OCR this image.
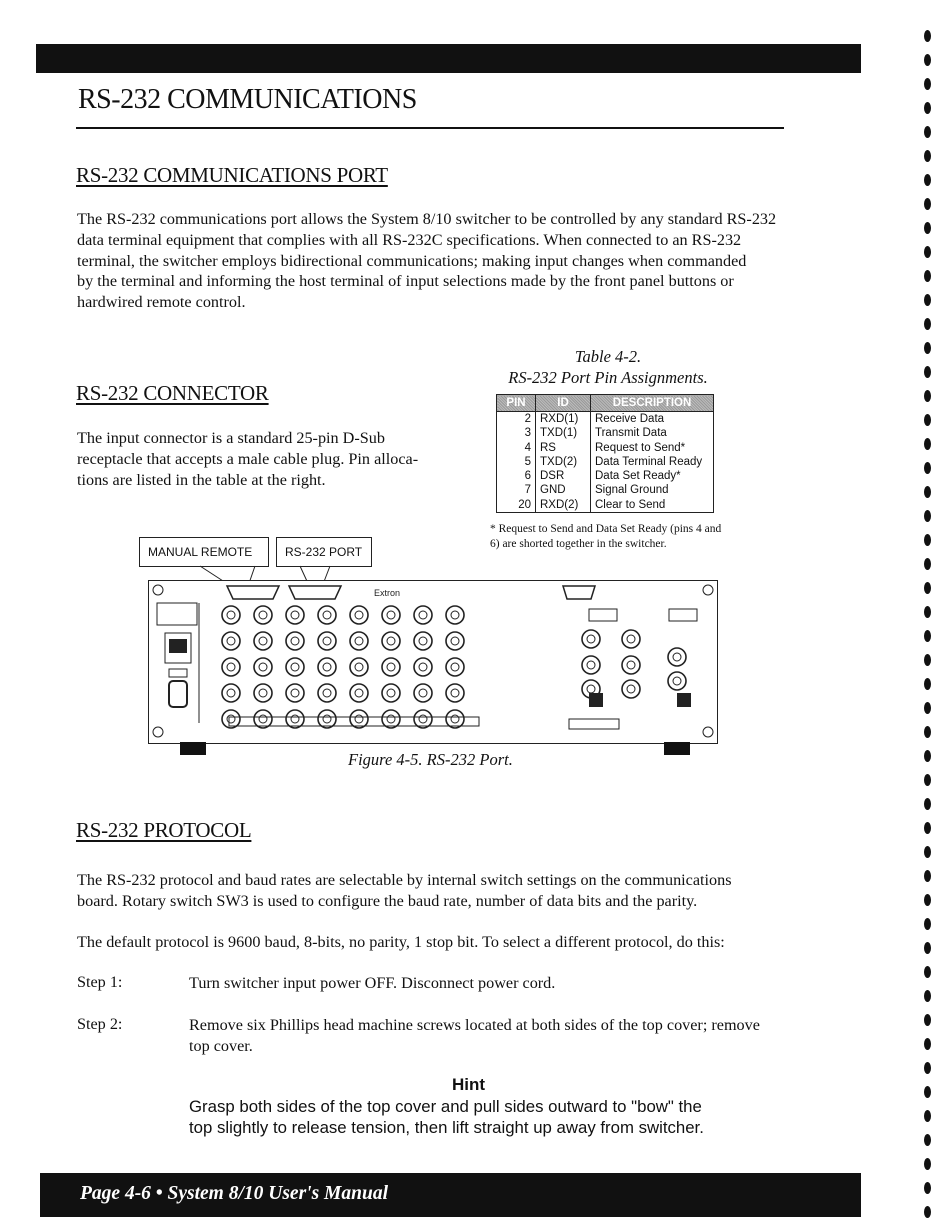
RS-232 COMMUNICATIONS
RS-232 COMMUNICATIONS PORT

The RS-232 communications port allows the System 8/10 switcher to be controlled by any standard RS-232

data terminal equipment that complies with all RS-232C specifications. When connected to an RS-232

terminal, the switcher employs bidirectional communications; making input changes when commanded

by the terminal and informing the host terminal of input selections made by the front panel buttons or

hardwired remote control.

RS-232 CONNECTOR

The input connector is a standard 25-pin D-Sub

receptacle that accepts a male cable plug. Pin alloca-

tions are listed in the table at the right.

Table 4-2.
RS-232 Port Pin Assignments.
PIN	ID	DESCRIPTION
2	RXD(1)	Receive Data
3	TXD(1)	Transmit Data
4	RS	Request to Send*
5	TXD(2)	Data Terminal Ready
6	DSR	Data Set Ready*
7	GND	Signal Ground
20	RXD(2)	Clear to Send
* Request to Send and Data Set Ready (pins 4 and 6) are shorted together in the switcher.
MANUAL REMOTE	RS-232 PORT
Extron
Figure 4-5. RS-232 Port.
RS-232 PROTOCOL

The RS-232 protocol and baud rates are selectable by internal switch settings on the communications

board. Rotary switch SW3 is used to configure the baud rate, number of data bits and the parity.

The default protocol is 9600 baud, 8-bits, no parity, 1 stop bit. To select a different protocol, do this:

Step 1:	Turn switcher input power OFF. Disconnect power cord.

Step 2:	Remove six Phillips head machine screws located at both sides of the top cover; remove

top cover.

Hint
Grasp both sides of the top cover and pull sides outward to "bow" the
top slightly to release tension, then lift straight up away from switcher.
Page 4-6 • System 8/10 User's Manual
